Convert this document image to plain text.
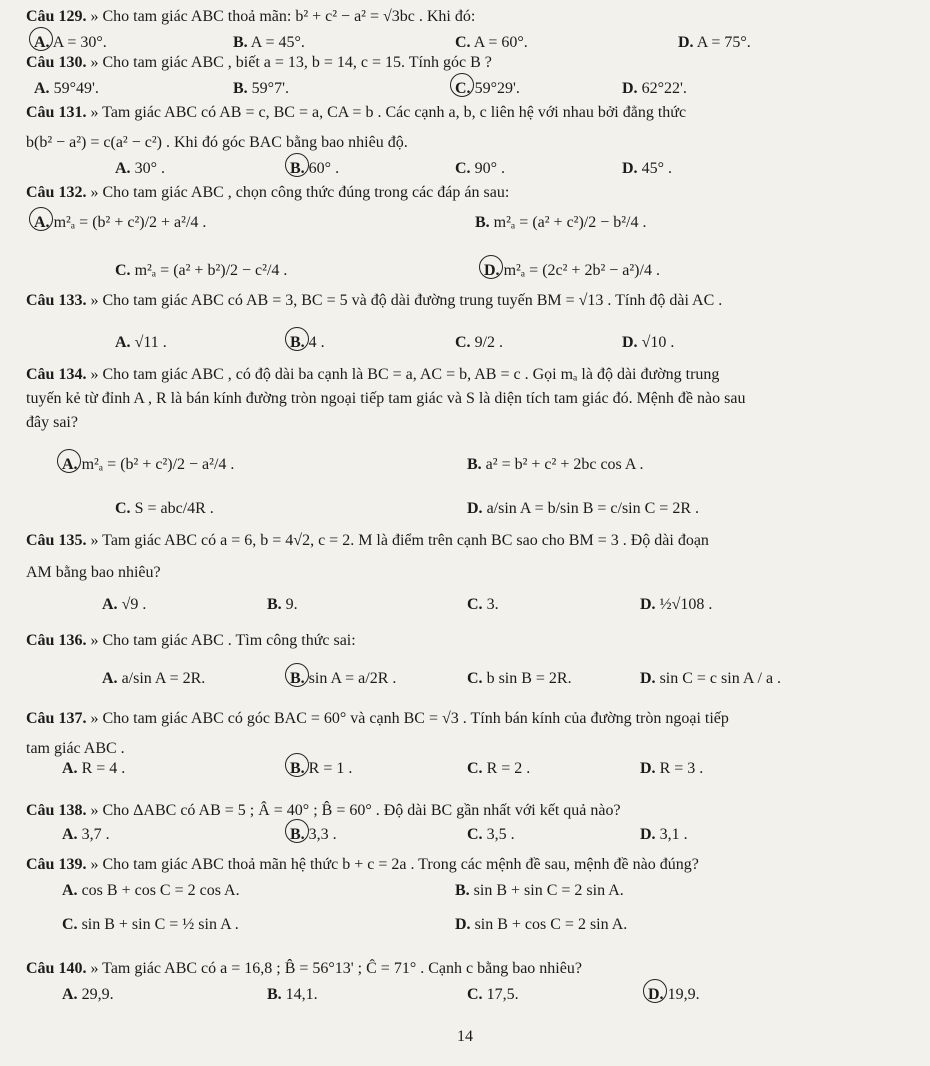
Câu 129. » Cho tam giác ABC thoả mãn: b² + c² − a² = √3bc . Khi đó:
A. A = 30°.	B. A = 45°.	C. A = 60°.	D. A = 75°.
Câu 130. » Cho tam giác ABC , biết a = 13, b = 14, c = 15. Tính góc B ?
A. 59°49'.	B. 59°7'.	C. 59°29'.	D. 62°22'.
Câu 131. » Tam giác ABC có AB = c, BC = a, CA = b . Các cạnh a, b, c liên hệ với nhau bởi đẳng thức
b(b² − a²) = c(a² − c²) . Khi đó góc BAC bằng bao nhiêu độ.
A. 30° .	B. 60° .	C. 90° .	D. 45° .
Câu 132. » Cho tam giác ABC , chọn công thức đúng trong các đáp án sau:
A. m²ₐ = (b² + c²)/2 + a²/4 .	B. m²ₐ = (a² + c²)/2 − b²/4 .
C. m²ₐ = (a² + b²)/2 − c²/4 .	D. m²ₐ = (2c² + 2b² − a²)/4 .
Câu 133. » Cho tam giác ABC có AB = 3, BC = 5 và độ dài đường trung tuyến BM = √13 . Tính độ dài AC .
A. √11 .	B. 4 .	C. 9/2 .	D. √10 .
Câu 134. » Cho tam giác ABC , có độ dài ba cạnh là BC = a, AC = b, AB = c . Gọi mₐ là độ dài đường trung
tuyến kẻ từ đỉnh A , R là bán kính đường tròn ngoại tiếp tam giác và S là diện tích tam giác đó. Mệnh đề nào sau
đây sai?
A. m²ₐ = (b² + c²)/2 − a²/4 .	B. a² = b² + c² + 2bc cos A .
C. S = abc/4R .	D. a/sin A = b/sin B = c/sin C = 2R .
Câu 135. » Tam giác ABC có a = 6, b = 4√2, c = 2. M là điểm trên cạnh BC sao cho BM = 3 . Độ dài đoạn
AM bằng bao nhiêu?
A. √9 .	B. 9.	C. 3.	D. ½√108 .
Câu 136. » Cho tam giác ABC . Tìm công thức sai:
A. a/sin A = 2R.	B. sin A = a/2R .	C. b sin B = 2R.	D. sin C = c sin A / a .
Câu 137. » Cho tam giác ABC có góc BAC = 60° và cạnh BC = √3 . Tính bán kính của đường tròn ngoại tiếp
tam giác ABC .
A. R = 4 .	B. R = 1 .	C. R = 2 .	D. R = 3 .
Câu 138. » Cho ΔABC có AB = 5 ; Â = 40° ; B̂ = 60° . Độ dài BC gần nhất với kết quả nào?
A. 3,7 .	B. 3,3 .	C. 3,5 .	D. 3,1 .
Câu 139. » Cho tam giác ABC thoả mãn hệ thức b + c = 2a . Trong các mệnh đề sau, mệnh đề nào đúng?
A. cos B + cos C = 2 cos A.	B. sin B + sin C = 2 sin A.
C. sin B + sin C = ½ sin A .	D. sin B + cos C = 2 sin A.
Câu 140. » Tam giác ABC có a = 16,8 ; B̂ = 56°13' ; Ĉ = 71° . Cạnh c bằng bao nhiêu?
A. 29,9.	B. 14,1.	C. 17,5.	D. 19,9.
14
